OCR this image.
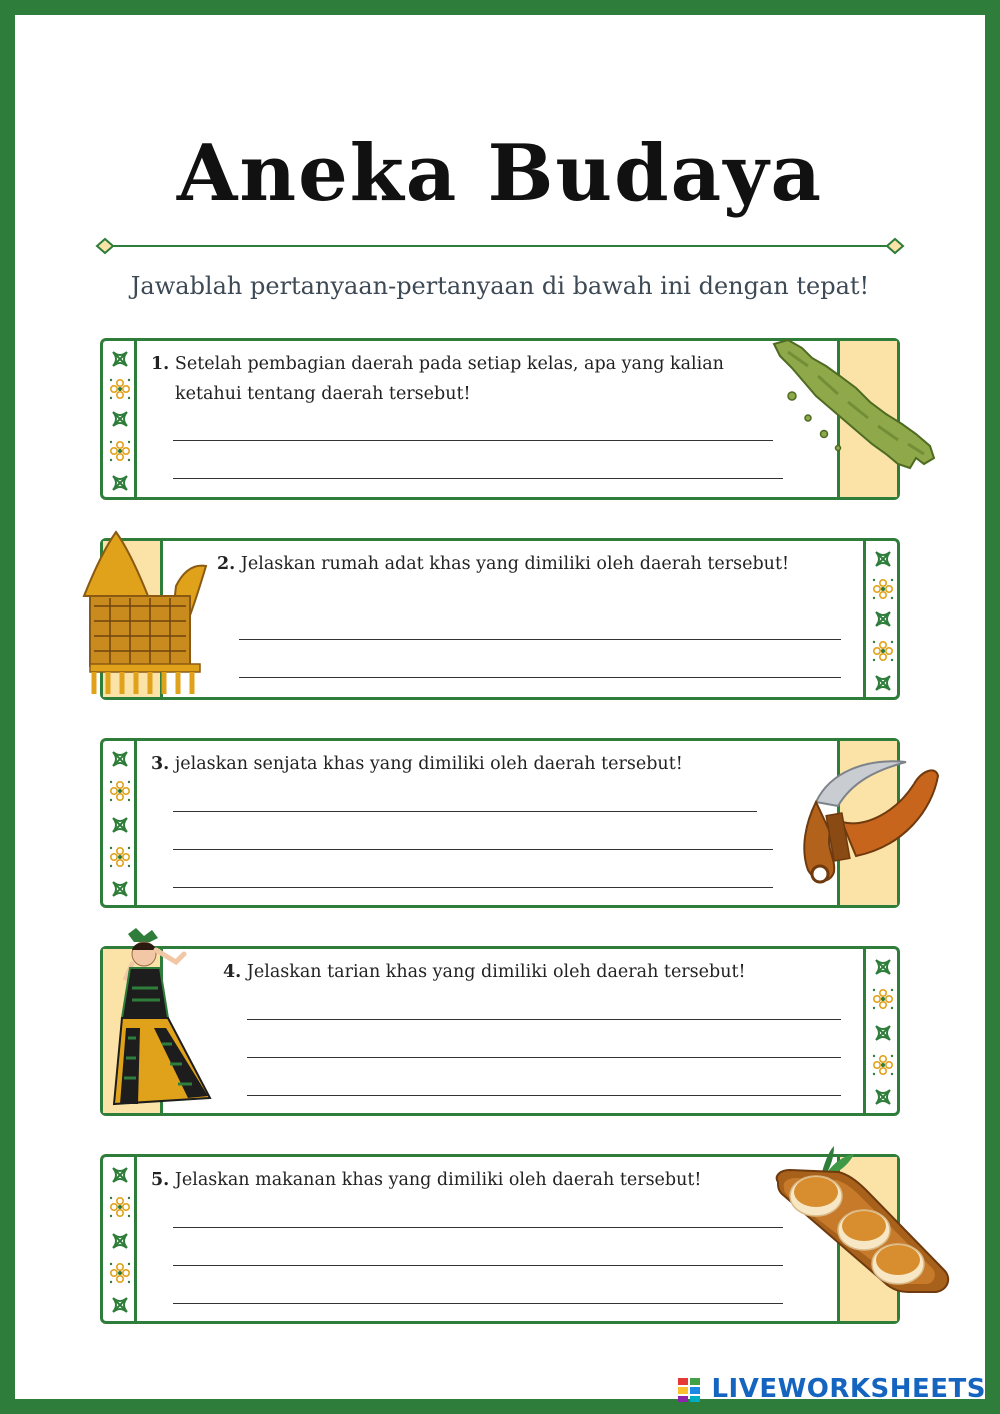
Aneka Budaya
Jawablah pertanyaan-pertanyaan di bawah ini dengan tepat!
1. Setelah pembagian daerah pada setiap kelas, apa yang kalian
ketahui tentang daerah tersebut!
2. Jelaskan rumah adat khas yang dimiliki oleh daerah tersebut!
3. jelaskan senjata khas yang dimiliki oleh daerah tersebut!
4. Jelaskan tarian khas yang dimiliki oleh daerah tersebut!
5. Jelaskan makanan khas yang dimiliki oleh daerah tersebut!
LIVEWORKSHEETS
